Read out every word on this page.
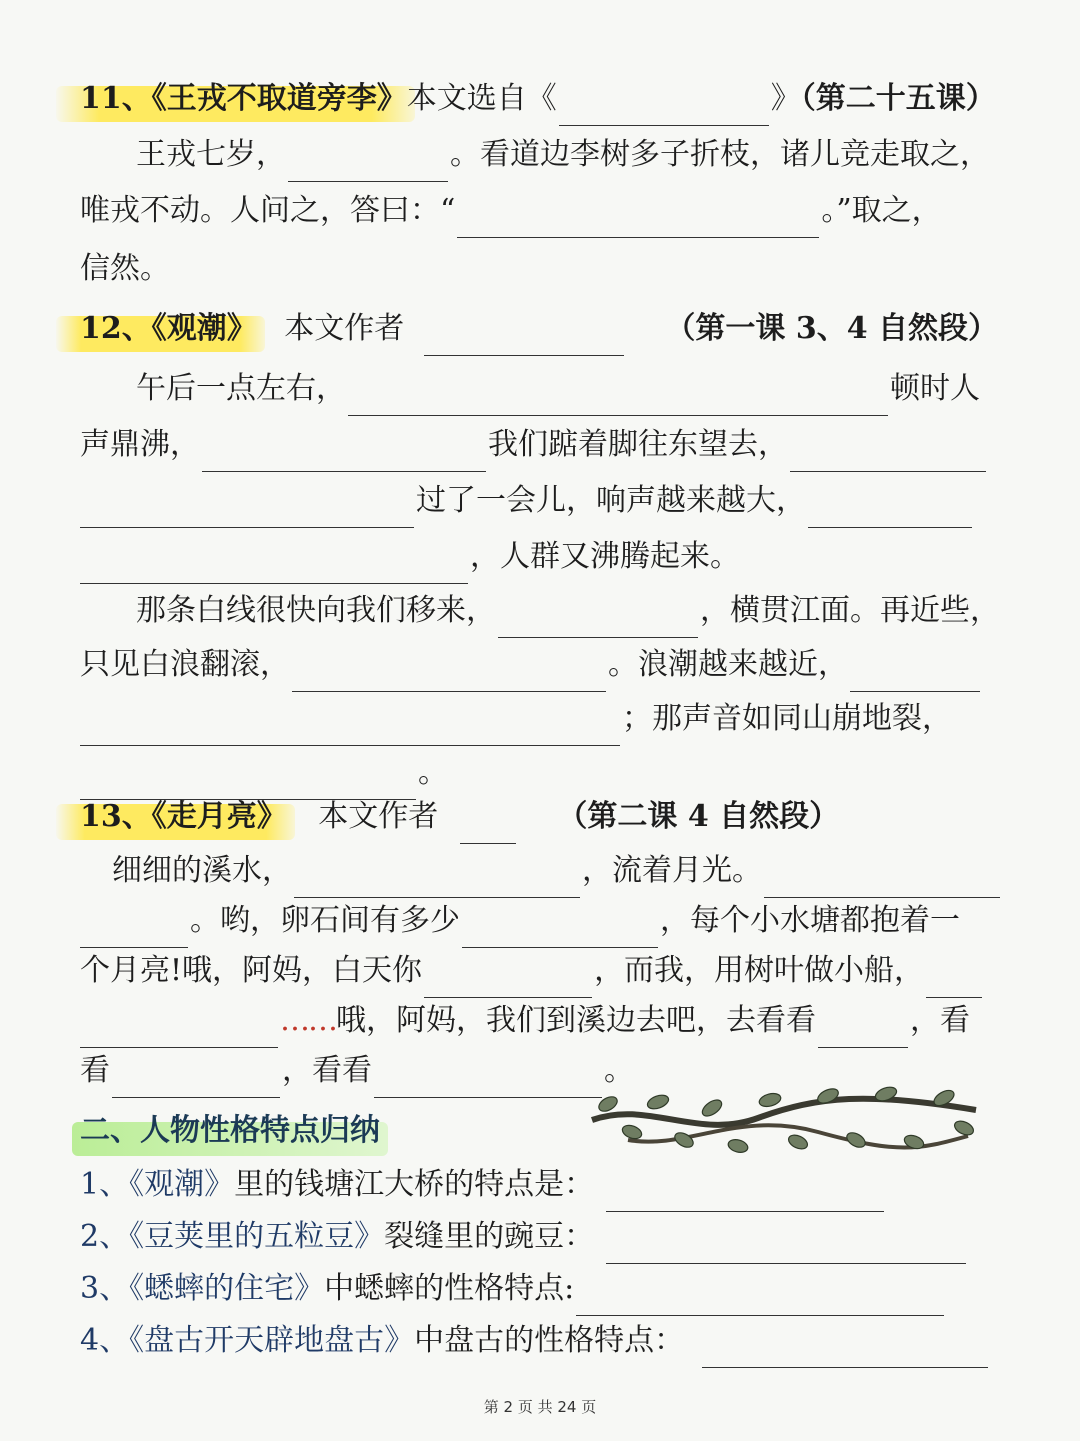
11、《王戎不取道旁李》本文选自《	》（第二十五课）
王戎七岁，	。看道边李树多子折枝，诸儿竞走取之，
唯戎不动。人问之，答曰：“	。”取之，
信然。
12、《观潮》 本文作者	（第一课 3、4 自然段）
午后一点左右，	顿时人
声鼎沸，	我们踮着脚往东望去，
过了一会儿，响声越来越大，
，人群又沸腾起来。
那条白线很快向我们移来，	，横贯江面。再近些，
只见白浪翻滚，	。浪潮越来越近，
；那声音如同山崩地裂，
。
13、《走月亮》 本文作者	（第二课 4 自然段）
细细的溪水，	，流着月光。
。哟，卵石间有多少	，每个小水塘都抱着一
个月亮!哦，阿妈，白天你	，而我，用树叶做小船，
……哦，阿妈，我们到溪边去吧，去看看	，看
看	，看看	。
二、人物性格特点归纳
1、《观潮》里的钱塘江大桥的特点是：
2、《豆荚里的五粒豆》裂缝里的豌豆：
3、《蟋蟀的住宅》中蟋蟀的性格特点:
4、《盘古开天辟地盘古》中盘古的性格特点：
第 2 页 共 24 页
